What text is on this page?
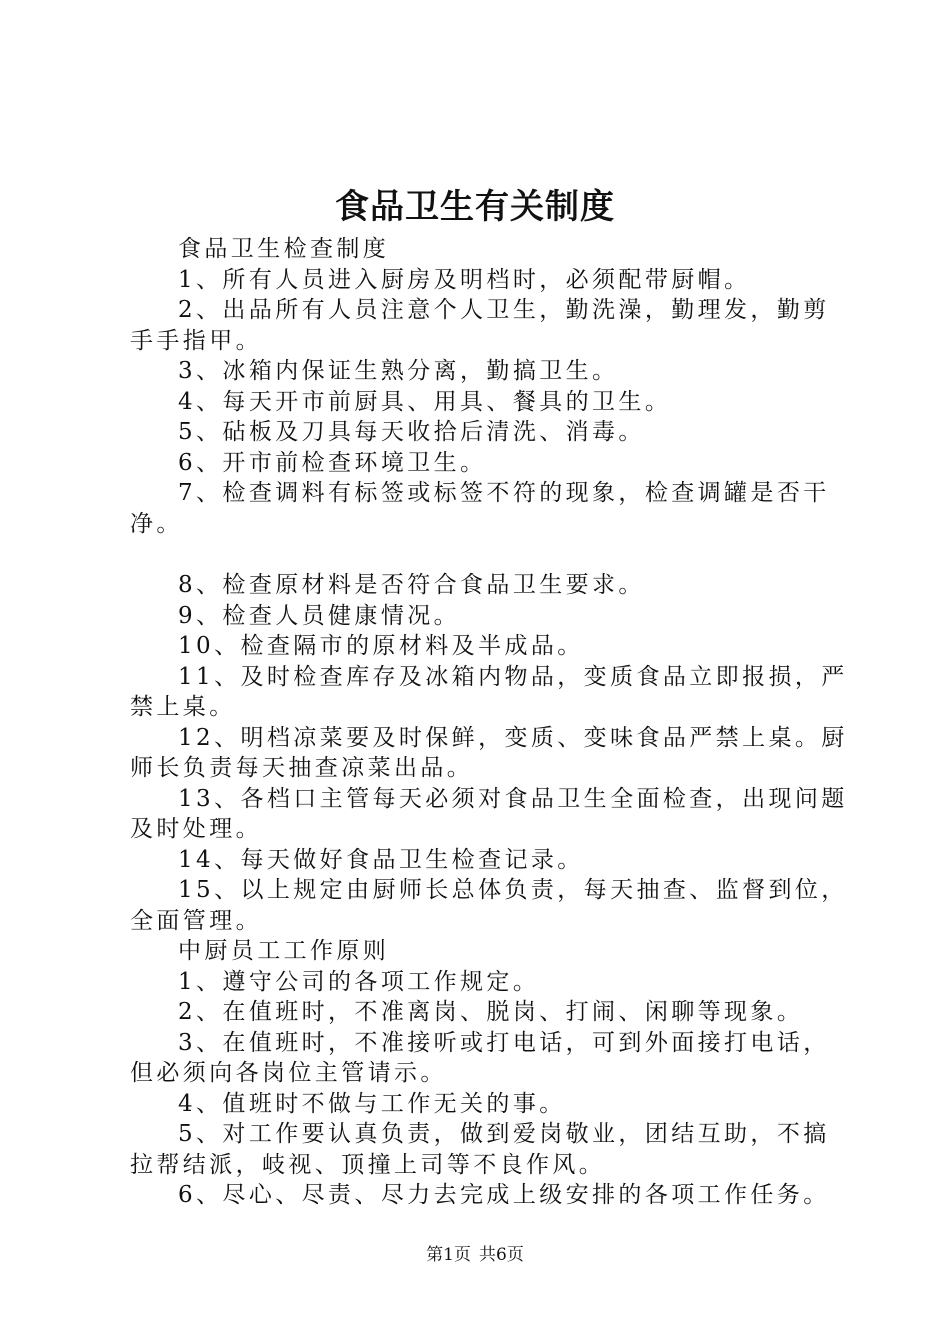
食品卫生有关制度

食品卫生检查制度

1、所有人员进入厨房及明档时，必须配带厨帽。

2、出品所有人员注意个人卫生，勤洗澡，勤理发，勤剪手手指甲。

3、冰箱内保证生熟分离，勤搞卫生。

4、每天开市前厨具、用具、餐具的卫生。

5、砧板及刀具每天收拾后清洗、消毒。

6、开市前检查环境卫生。

7、检查调料有标签或标签不符的现象，检查调罐是否干净。

8、检查原材料是否符合食品卫生要求。

9、检查人员健康情况。

10、检查隔市的原材料及半成品。

11、及时检查库存及冰箱内物品，变质食品立即报损，严禁上桌。

12、明档凉菜要及时保鲜，变质、变味食品严禁上桌。厨师长负责每天抽查凉菜出品。

13、各档口主管每天必须对食品卫生全面检查，出现问题及时处理。

14、每天做好食品卫生检查记录。

15、以上规定由厨师长总体负责，每天抽查、监督到位，全面管理。

中厨员工工作原则

1、遵守公司的各项工作规定。

2、在值班时，不准离岗、脱岗、打闹、闲聊等现象。

3、在值班时，不准接听或打电话，可到外面接打电话，但必须向各岗位主管请示。

4、值班时不做与工作无关的事。

5、对工作要认真负责，做到爱岗敬业，团结互助，不搞拉帮结派，岐视、顶撞上司等不良作风。

6、尽心、尽责、尽力去完成上级安排的各项工作任务。

第1页 共6页
